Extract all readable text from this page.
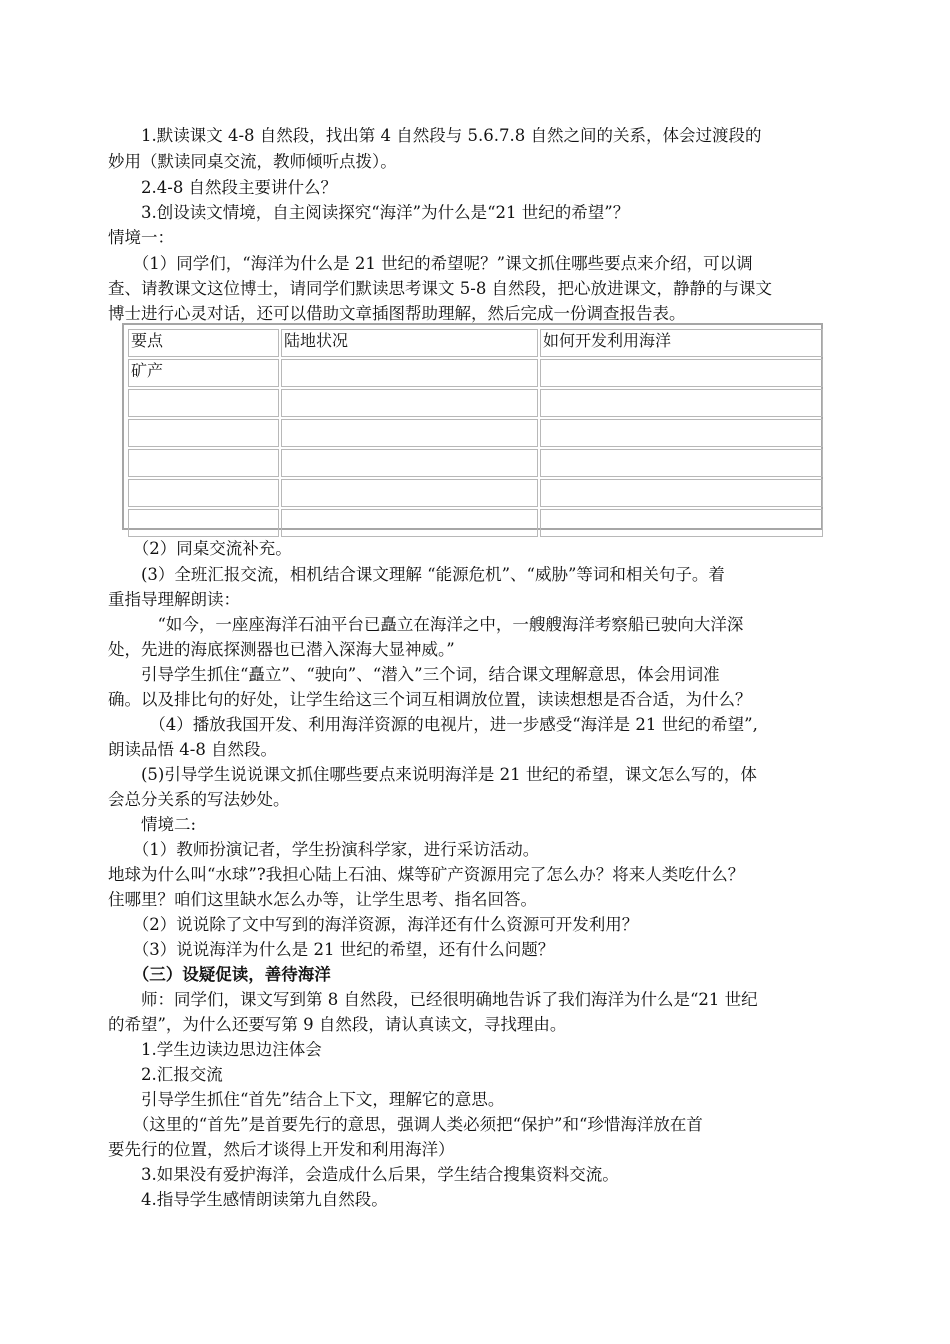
　　1.默读课文 4-8 自然段，找出第 4 自然段与 5.6.7.8 自然之间的关系，体会过渡段的
妙用（默读同桌交流，教师倾听点拨）。
　　2.4-8 自然段主要讲什么？
　　3.创设读文情境，自主阅读探究“海洋”为什么是“21 世纪的希望”？
情境一：
　　（1）同学们，“海洋为什么是 21 世纪的希望呢？”课文抓住哪些要点来介绍，可以调
查、请教课文这位博士，请同学们默读思考课文 5-8 自然段，把心放进课文，静静的与课文
博士进行心灵对话，还可以借助文章插图帮助理解，然后完成一份调查报告表。
要点	陆地状况	如何开发利用海洋
矿产		

　　（2）同桌交流补充。
　　(3）全班汇报交流，相机结合课文理解 “能源危机”、“威胁”等词和相关句子。着
重指导理解朗读：
　　　“如今，一座座海洋石油平台已矗立在海洋之中，一艘艘海洋考察船已驶向大洋深
处，先进的海底探测器也已潜入深海大显神威。”
　　引导学生抓住“矗立”、“驶向”、“潜入”三个词，结合课文理解意思，体会用词准
确。以及排比句的好处，让学生给这三个词互相调放位置，读读想想是否合适，为什么？
　　　（4）播放我国开发、利用海洋资源的电视片，进一步感受“海洋是 21 世纪的希望”,
朗读品悟 4-8 自然段。
　　(5)引导学生说说课文抓住哪些要点来说明海洋是 21 世纪的希望，课文怎么写的，体
会总分关系的写法妙处。
　　情境二:
　　（1）教师扮演记者，学生扮演科学家，进行采访活动。
地球为什么叫“水球”?我担心陆上石油、煤等矿产资源用完了怎么办？将来人类吃什么？
住哪里？咱们这里缺水怎么办等，让学生思考、指名回答。
　　（2）说说除了文中写到的海洋资源，海洋还有什么资源可开发利用？
　　（3）说说海洋为什么是 21 世纪的希望，还有什么问题？
　　（三）设疑促读，善待海洋
　　师：同学们，课文写到第 8 自然段，已经很明确地告诉了我们海洋为什么是“21 世纪
的希望”，为什么还要写第 9 自然段，请认真读文，寻找理由。
　　1.学生边读边思边注体会
　　2.汇报交流
　　引导学生抓住“首先”结合上下文，理解它的意思。
　　（这里的“首先”是首要先行的意思，强调人类必须把“保护”和“珍惜海洋放在首
要先行的位置，然后才谈得上开发和利用海洋）
　　3.如果没有爱护海洋，会造成什么后果，学生结合搜集资料交流。
　　4.指导学生感情朗读第九自然段。
